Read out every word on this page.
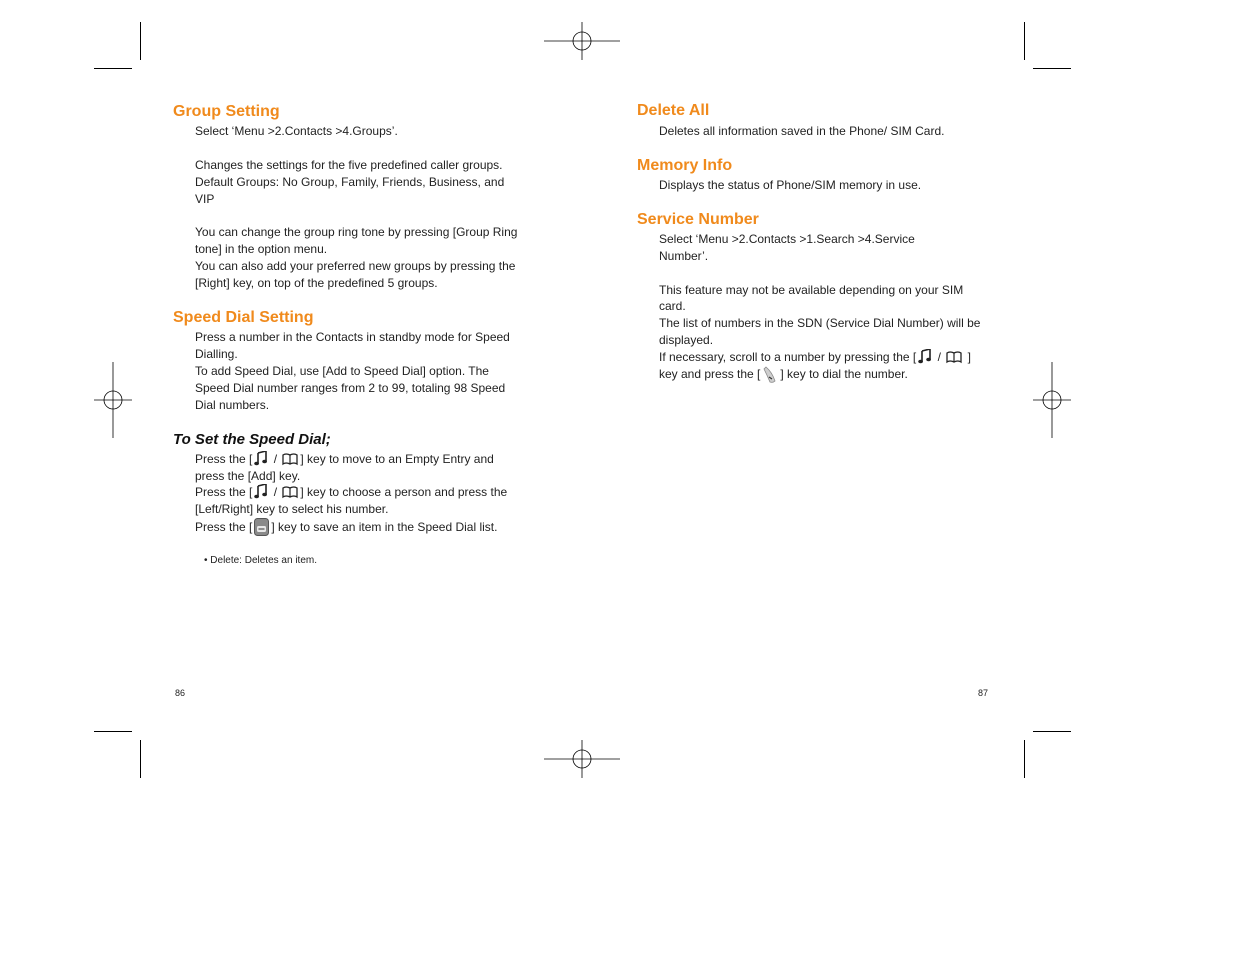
Group Setting

Select ‘Menu >2.Contacts >4.Groups’.

Changes the settings for the five predefined caller groups.

Default Groups: No Group, Family, Friends, Business, and

VIP

You can change the group ring tone by pressing [Group Ring

tone] in the option menu.

You can also add your preferred new groups by pressing the

[Right] key, on top of the predefined 5 groups.

Speed Dial Setting

Press a number in the Contacts in standby mode for Speed

Dialling.

To add Speed Dial, use [Add to Speed Dial] option. The

Speed Dial number ranges from 2 to 99, totaling 98 Speed

Dial numbers.

To Set the Speed Dial;

Press the [ / ] key to move to an Empty Entry and

press the [Add] key.

Press the [ / ] key to choose a person and press the

[Left/Right] key to select his number.

Press the [ ] key to save an item in the Speed Dial list.

• Delete: Deletes an item.

86
Delete All

Deletes all information saved in the Phone/ SIM Card.

Memory Info

Displays the status of Phone/SIM memory in use.

Service Number

Select ‘Menu >2.Contacts >1.Search >4.Service

Number’.

This feature may not be available depending on your SIM

card.

The list of numbers in the SDN (Service Dial Number) will be

displayed.

If necessary, scroll to a number by pressing the [ / ]

key and press the [ ] key to dial the number.

87
